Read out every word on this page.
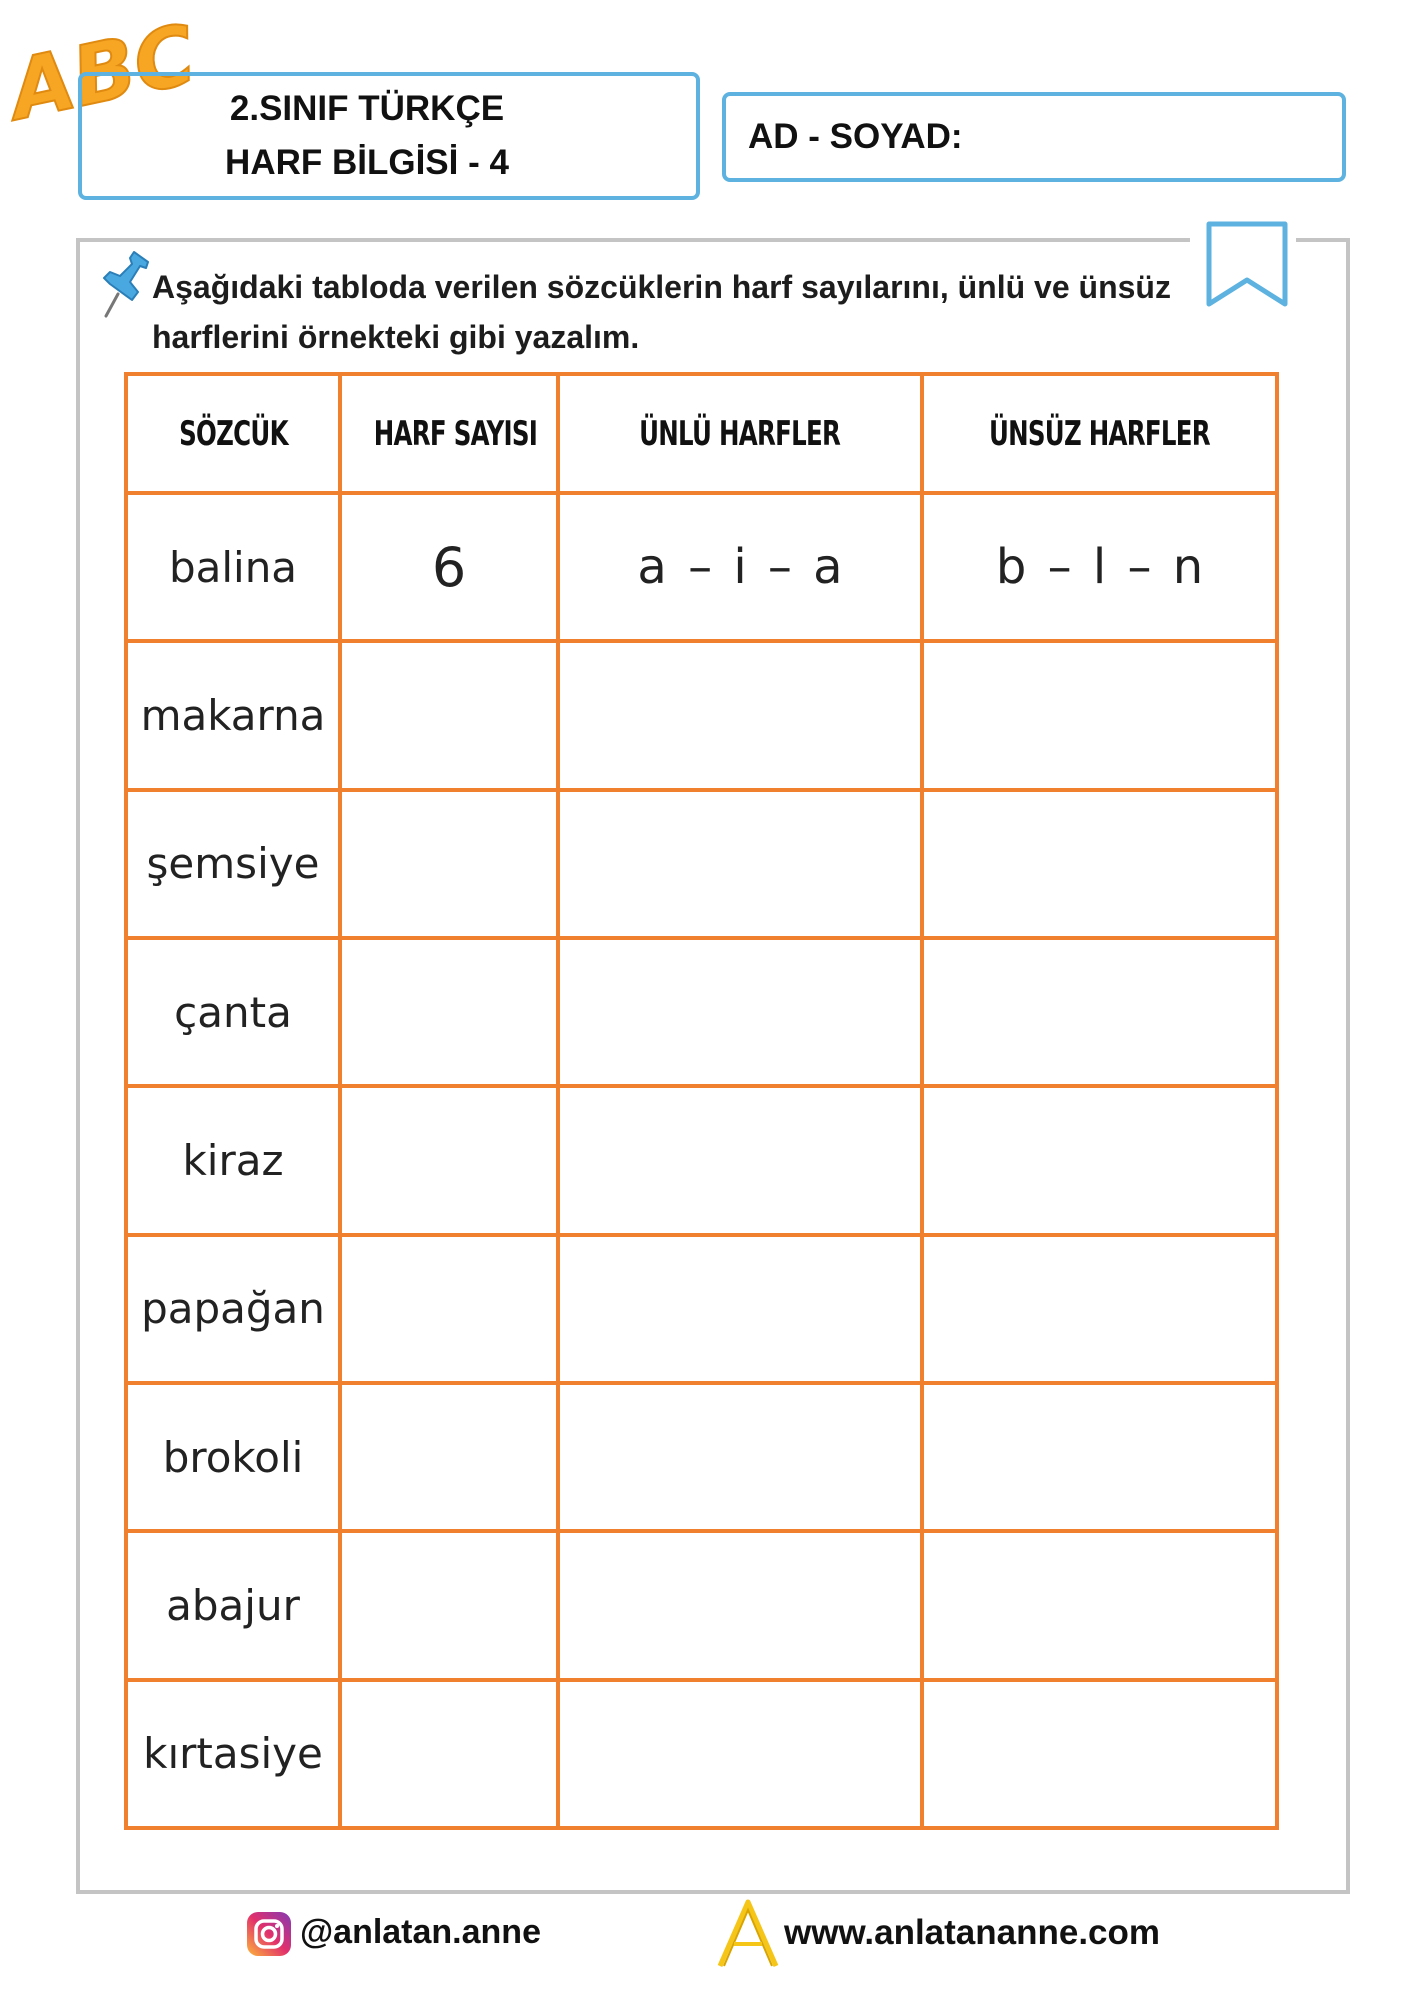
ABC 2.SINIF TÜRKÇE
HARF BİLGİSİ - 4
AD - SOYAD:
Aşağıdaki tabloda verilen sözcüklerin harf sayılarını, ünlü ve ünsüz harflerini örnekteki gibi yazalım.
SÖZCÜK	HARF SAYISI	ÜNLÜ HARFLER	ÜNSÜZ HARFLER
balina	6	a – i – a	b – l – n
makarna			
şemsiye			
çanta			
kiraz			
papağan			
brokoli			
abajur			
kırtasiye			
@anlatan.anne	www.anlatananne.com
